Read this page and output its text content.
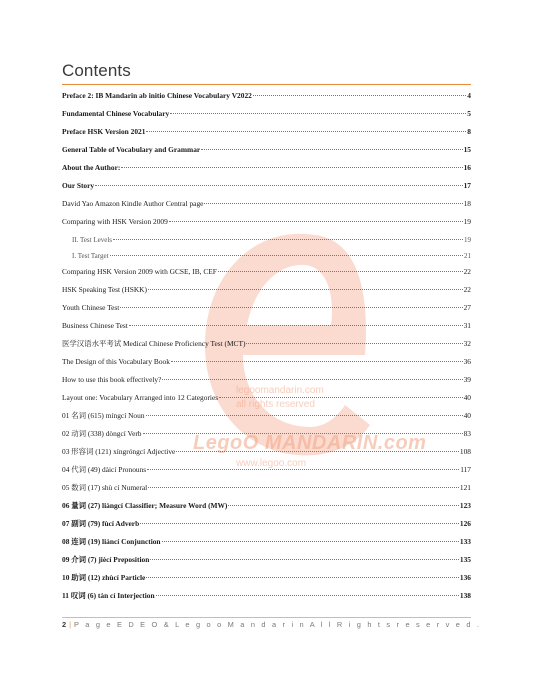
Contents
legoomandarin.com
all rights reserved
LegoO MANDARIN.com
www.legoo.com
Preface 2: IB Mandarin ab initio Chinese Vocabulary V2022	4
Fundamental Chinese Vocabulary	5
Preface HSK Version 2021	8
General Table of Vocabulary and Grammar	15
About the Author:	16
Our Story	17
David Yao Amazon Kindle Author Central page	18
Comparing with HSK Version 2009	19
II. Test Levels	19
I. Test Target	21
Comparing HSK Version 2009 with GCSE, IB, CEF	22
HSK Speaking Test (HSKK)	22
Youth Chinese Test	27
Business Chinese Test	31
医学汉语水平考试 Medical Chinese Proficiency Test (MCT)	32
The Design of this Vocabulary Book	36
How to use this book effectively?	39
Layout one: Vocabulary Arranged into 12 Categories	40
01 名词 (615) míngcí Noun	40
02 动词 (338) dòngcí Verb	83
03 形容词 (121) xíngróngcí Adjective	108
04 代词 (49) dàicí Pronouns	117
05 数词 (17) shù cí Numeral	121
06 量词 (27) liàngcí Classifier; Measure Word (MW)	123
07 副词 (79) fùcí Adverb	126
08 连词 (19) liáncí Conjunction	133
09 介词 (7) jiècí Preposition	135
10 助词 (12) zhùcí Particle	136
11 叹词 (6) tàn cí Interjection	138
2 | P a g e E D E O & L e g o o M a n d a r i n A l l R i g h t s r e s e r v e d .
